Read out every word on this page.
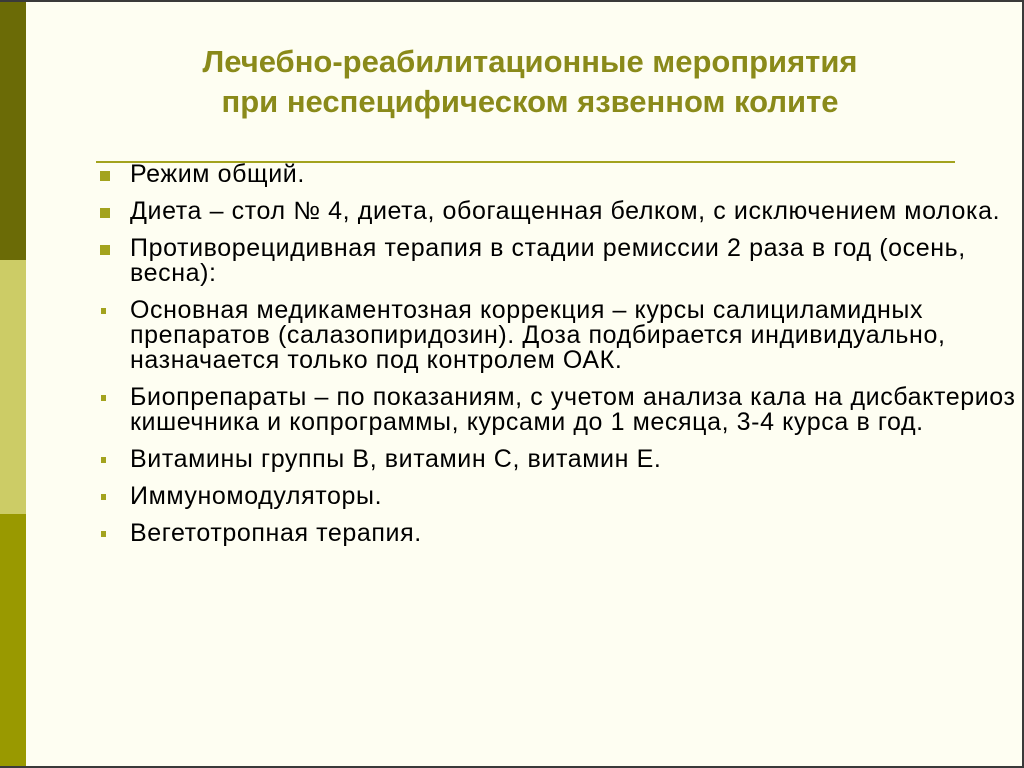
Лечебно-реабилитационные мероприятия
при неспецифическом язвенном колите
Режим общий.
Диета – стол № 4, диета, обогащенная белком, с исключением молока.
Противорецидивная терапия в стадии ремиссии 2 раза в год (осень, весна):
Основная медикаментозная коррекция – курсы салициламидных препаратов (салазопиридозин). Доза подбирается индивидуально, назначается только под контролем ОАК.
Биопрепараты – по показаниям, с учетом анализа кала на дисбактериоз кишечника и копрограммы, курсами до 1 месяца, 3-4 курса в год.
Витамины группы В, витамин С, витамин Е.
Иммуномодуляторы.
Вегетотропная терапия.
